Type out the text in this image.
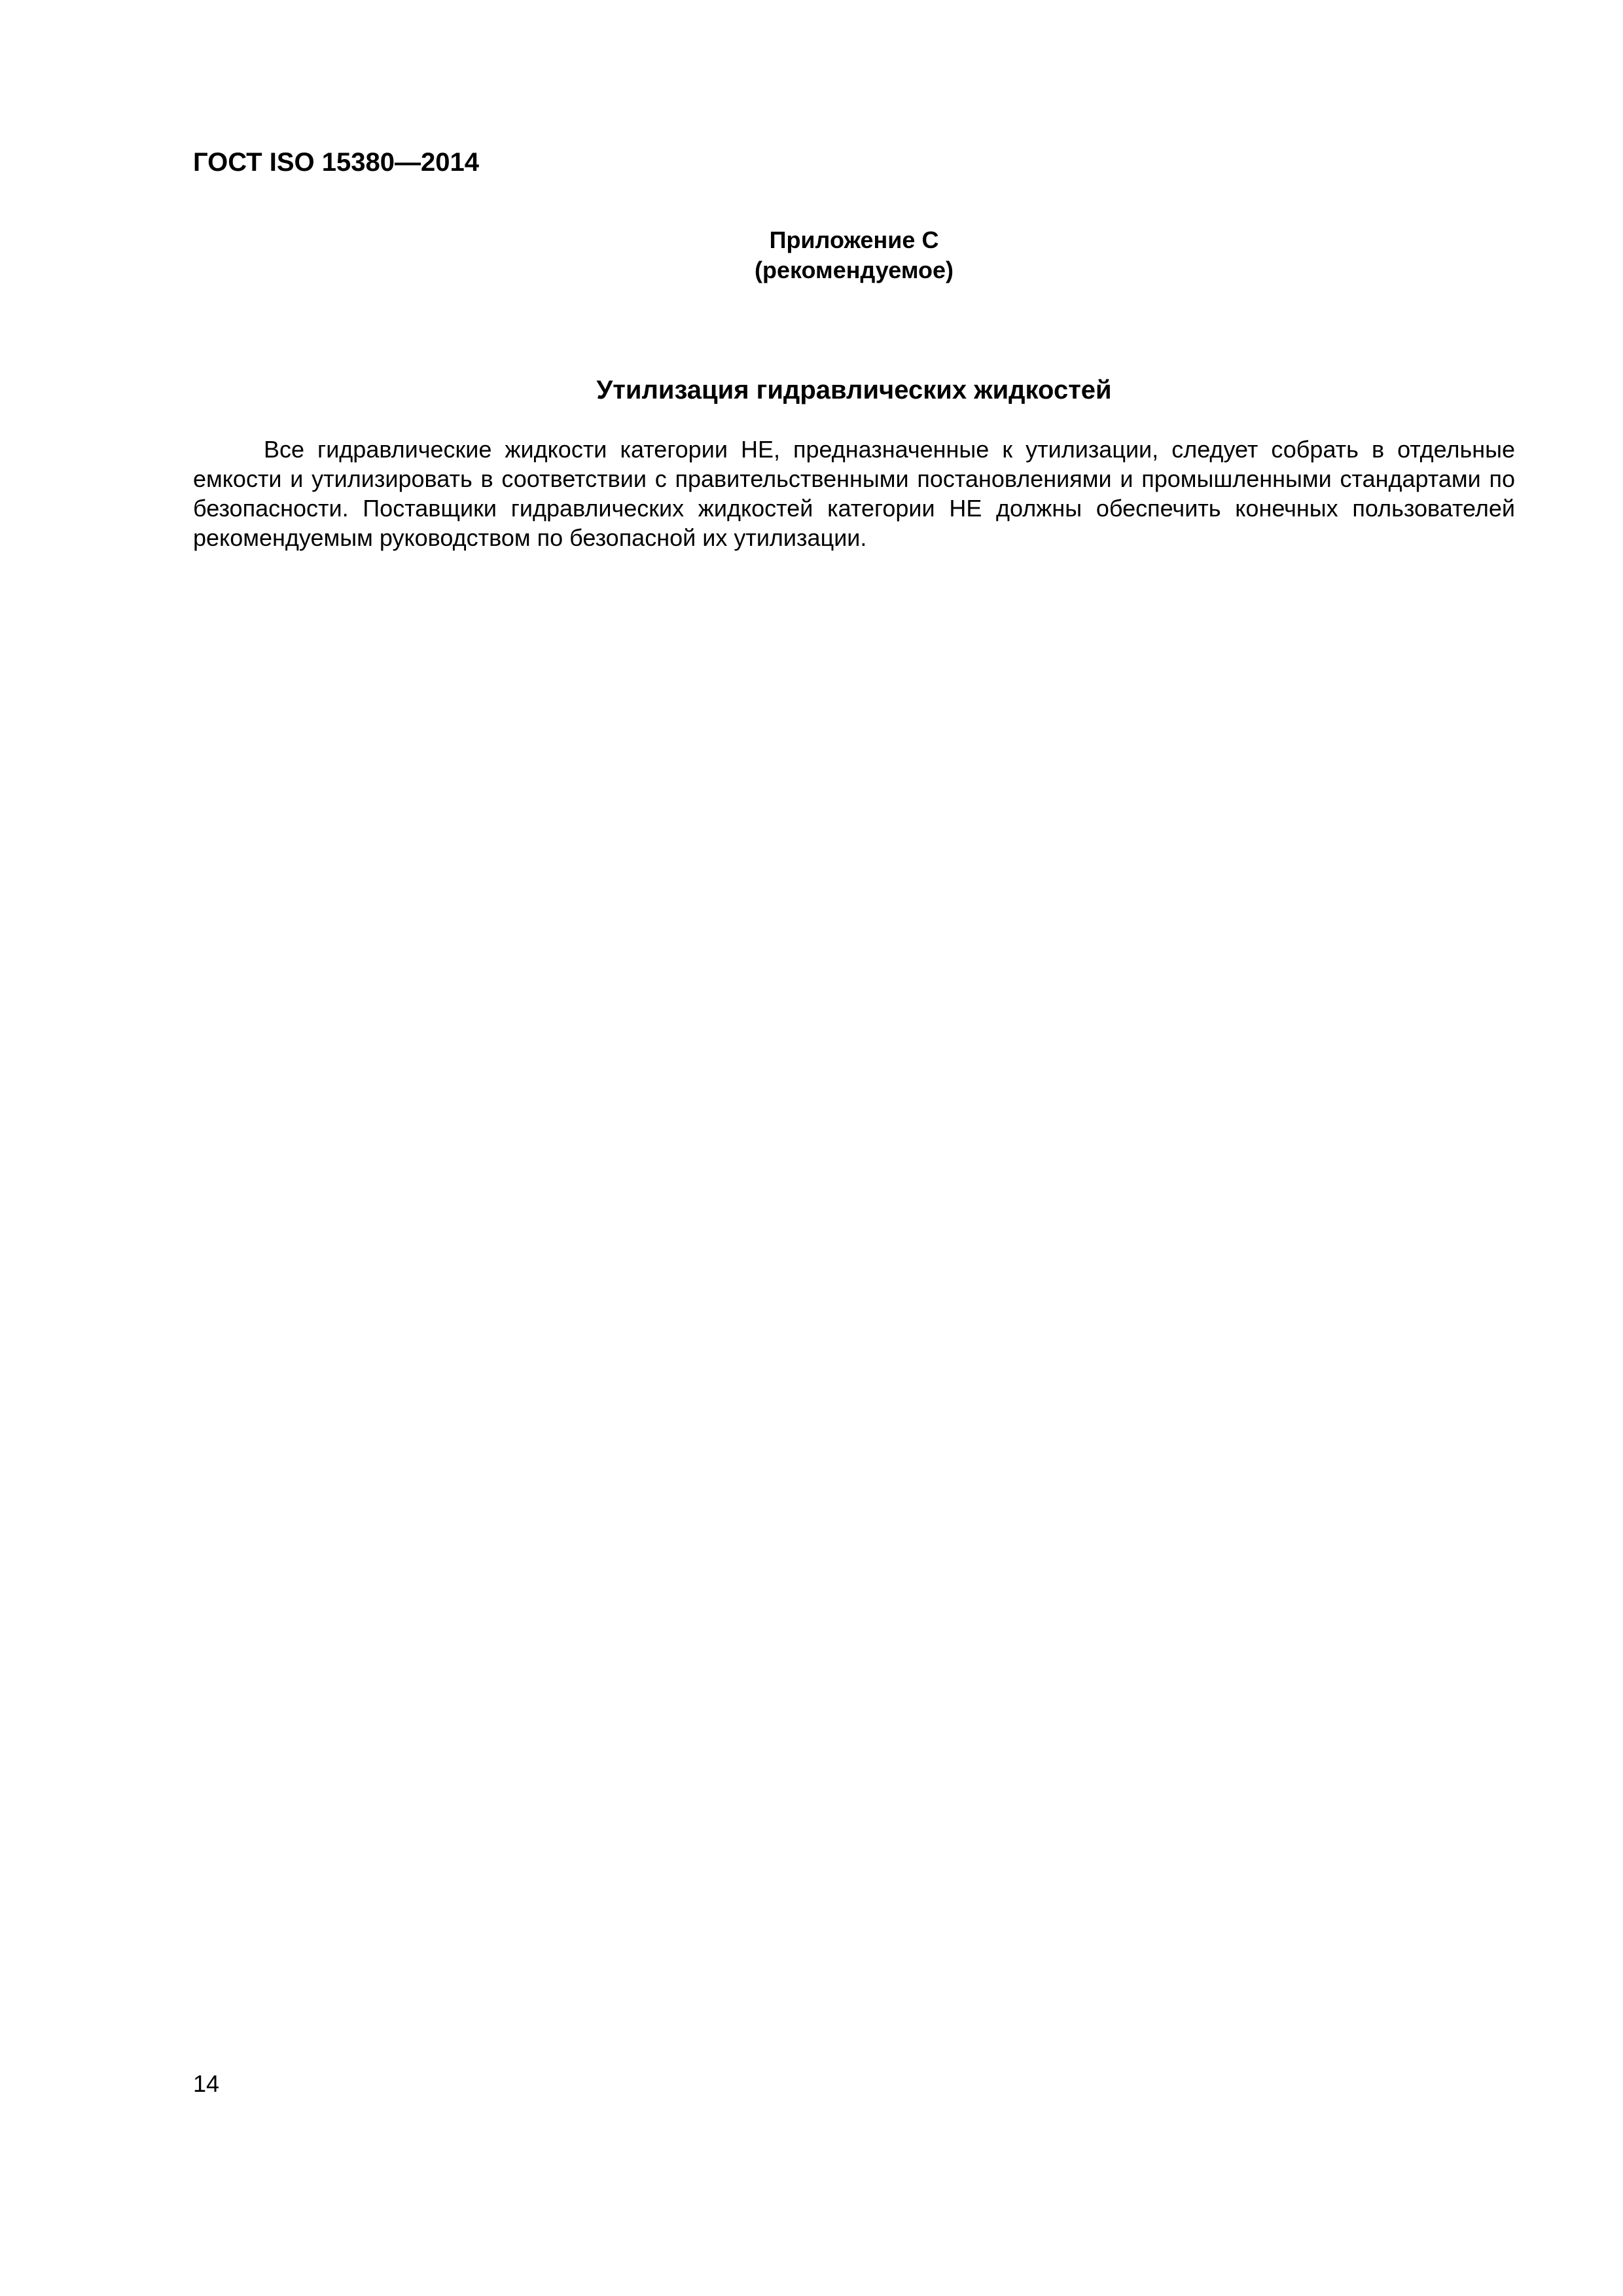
ГОСТ ISO 15380—2014
Приложение С
(рекомендуемое)
Утилизация гидравлических жидкостей

Все гидравлические жидкости категории HE, предназначенные к утилизации, следует собрать в отдельные емкости и утилизировать в соответствии с правительственными постановлениями и промышленными стандартами по безопасности. Поставщики гидравлических жидкостей категории HE должны обеспечить конечных пользователей рекомендуемым руководством по безопасной их утилизации.

14
